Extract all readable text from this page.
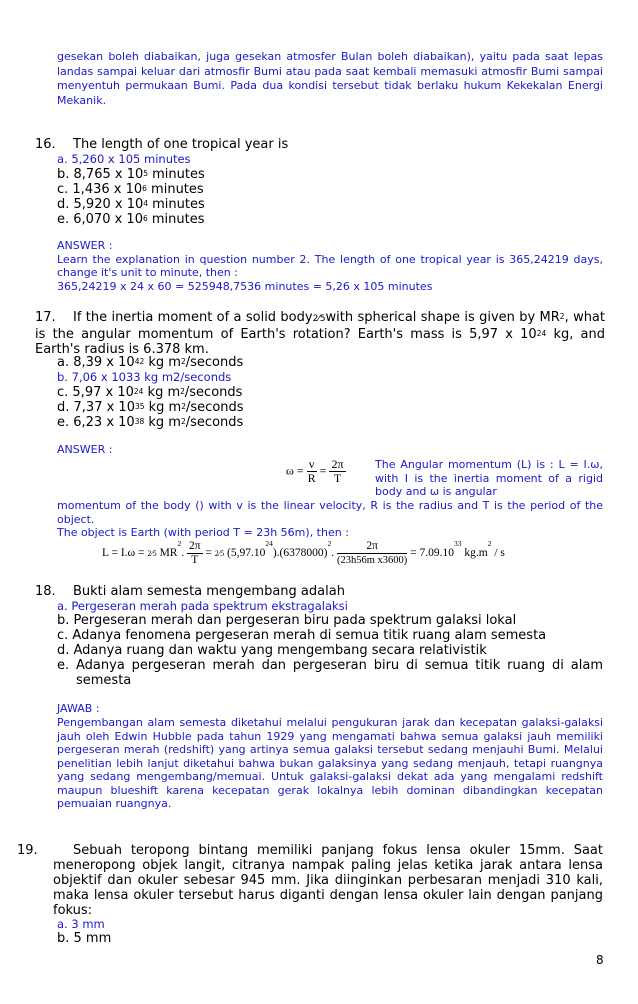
gesekan boleh diabaikan, juga gesekan atmosfer Bulan boleh diabaikan), yaitu pada saat lepas landas sampai keluar dari atmosfir Bumi atau pada saat kembali memasuki atmosfir Bumi sampai menyentuh permukaan Bumi. Pada dua kondisi tersebut tidak berlaku hukum Kekekalan Energi Mekanik.
16. The length of one tropical year is
a. 5,260 x 105 minutes
b. 8,765 x $10^5$ minutes
c. 1,436 x $10^6$ minutes
d. 5,920 x $10^4$ minutes
e. 6,070 x $10^6$ minutes
ANSWER :
Learn the explanation in question number 2. The length of one tropical year is 365,24219 days, change it's unit to minute, then :
365,24219 x 24 x 60 = 525948,7536 minutes = 5,26 x 105 minutes
17. If the inertia moment of a solid body2⁄5with spherical shape is given by $MR^2$, what is the angular momentum of Earth's rotation? Earth's mass is 5,97 x $10^{24}$ kg, and Earth's radius is 6.378 km.
a. 8,39 x $10^{42}$ kg $m^2$/seconds
b. 7,06 x 1033 kg m2/seconds
c. 5,97 x $10^{24}$ kg $m^2$/seconds
d. 7,37 x $10^{35}$ kg $m^2$/seconds
e. 6,23 x $10^{38}$ kg $m^2$/seconds
ANSWER :
$\omega = \frac{v}{R} = \frac{2\pi}{T}$	The Angular momentum (L) is : L = I.ω, with I is the inertia moment of a rigid body and ω is angular
momentum of the body () with v is the linear velocity, R is the radius and T is the period of the object.
The object is Earth (with period T = 23h 56m), then :
L = I.ω = 2⁄5 $MR^2$. $\frac{2\pi}{T}$ = 2⁄5 $(5,97.10^{24}).(6378000)^2$. $\frac{2\pi}{\text{(23h56m x3600)}} = 7.09.10^{33}$ $kg.m^2$ / s
18. Bukti alam semesta mengembang adalah
a. Pergeseran merah pada spektrum ekstragalaksi
b. Pergeseran merah dan pergeseran biru pada spektrum galaksi lokal
c. Adanya fenomena pergeseran merah di semua titik ruang alam semesta
d. Adanya ruang dan waktu yang mengembang secara relativistik
e. Adanya pergeseran merah dan pergeseran biru di semua titik ruang di alam
semesta
JAWAB :
Pengembangan alam semesta diketahui melalui pengukuran jarak dan kecepatan galaksi-galaksi jauh oleh Edwin Hubble pada tahun 1929 yang mengamati bahwa semua galaksi jauh memiliki pergeseran merah (redshift) yang artinya semua galaksi tersebut sedang menjauhi Bumi. Melalui penelitian lebih lanjut diketahui bahwa bukan galaksinya yang sedang menjauh, tetapi ruangnya yang sedang mengembang/memuai. Untuk galaksi-galaksi dekat ada yang mengalami redshift maupun blueshift karena kecepatan gerak lokalnya lebih dominan dibandingkan kecepatan pemuaian ruangnya.
19.	Sebuah teropong bintang memiliki panjang fokus lensa okuler 15mm. Saat meneropong objek langit, citranya nampak paling jelas ketika jarak antara lensa objektif dan okuler sebesar 945 mm. Jika diinginkan perbesaran menjadi 310 kali, maka lensa okuler tersebut harus diganti dengan lensa okuler lain dengan panjang fokus:
a. 3 mm
b. 5 mm
8
